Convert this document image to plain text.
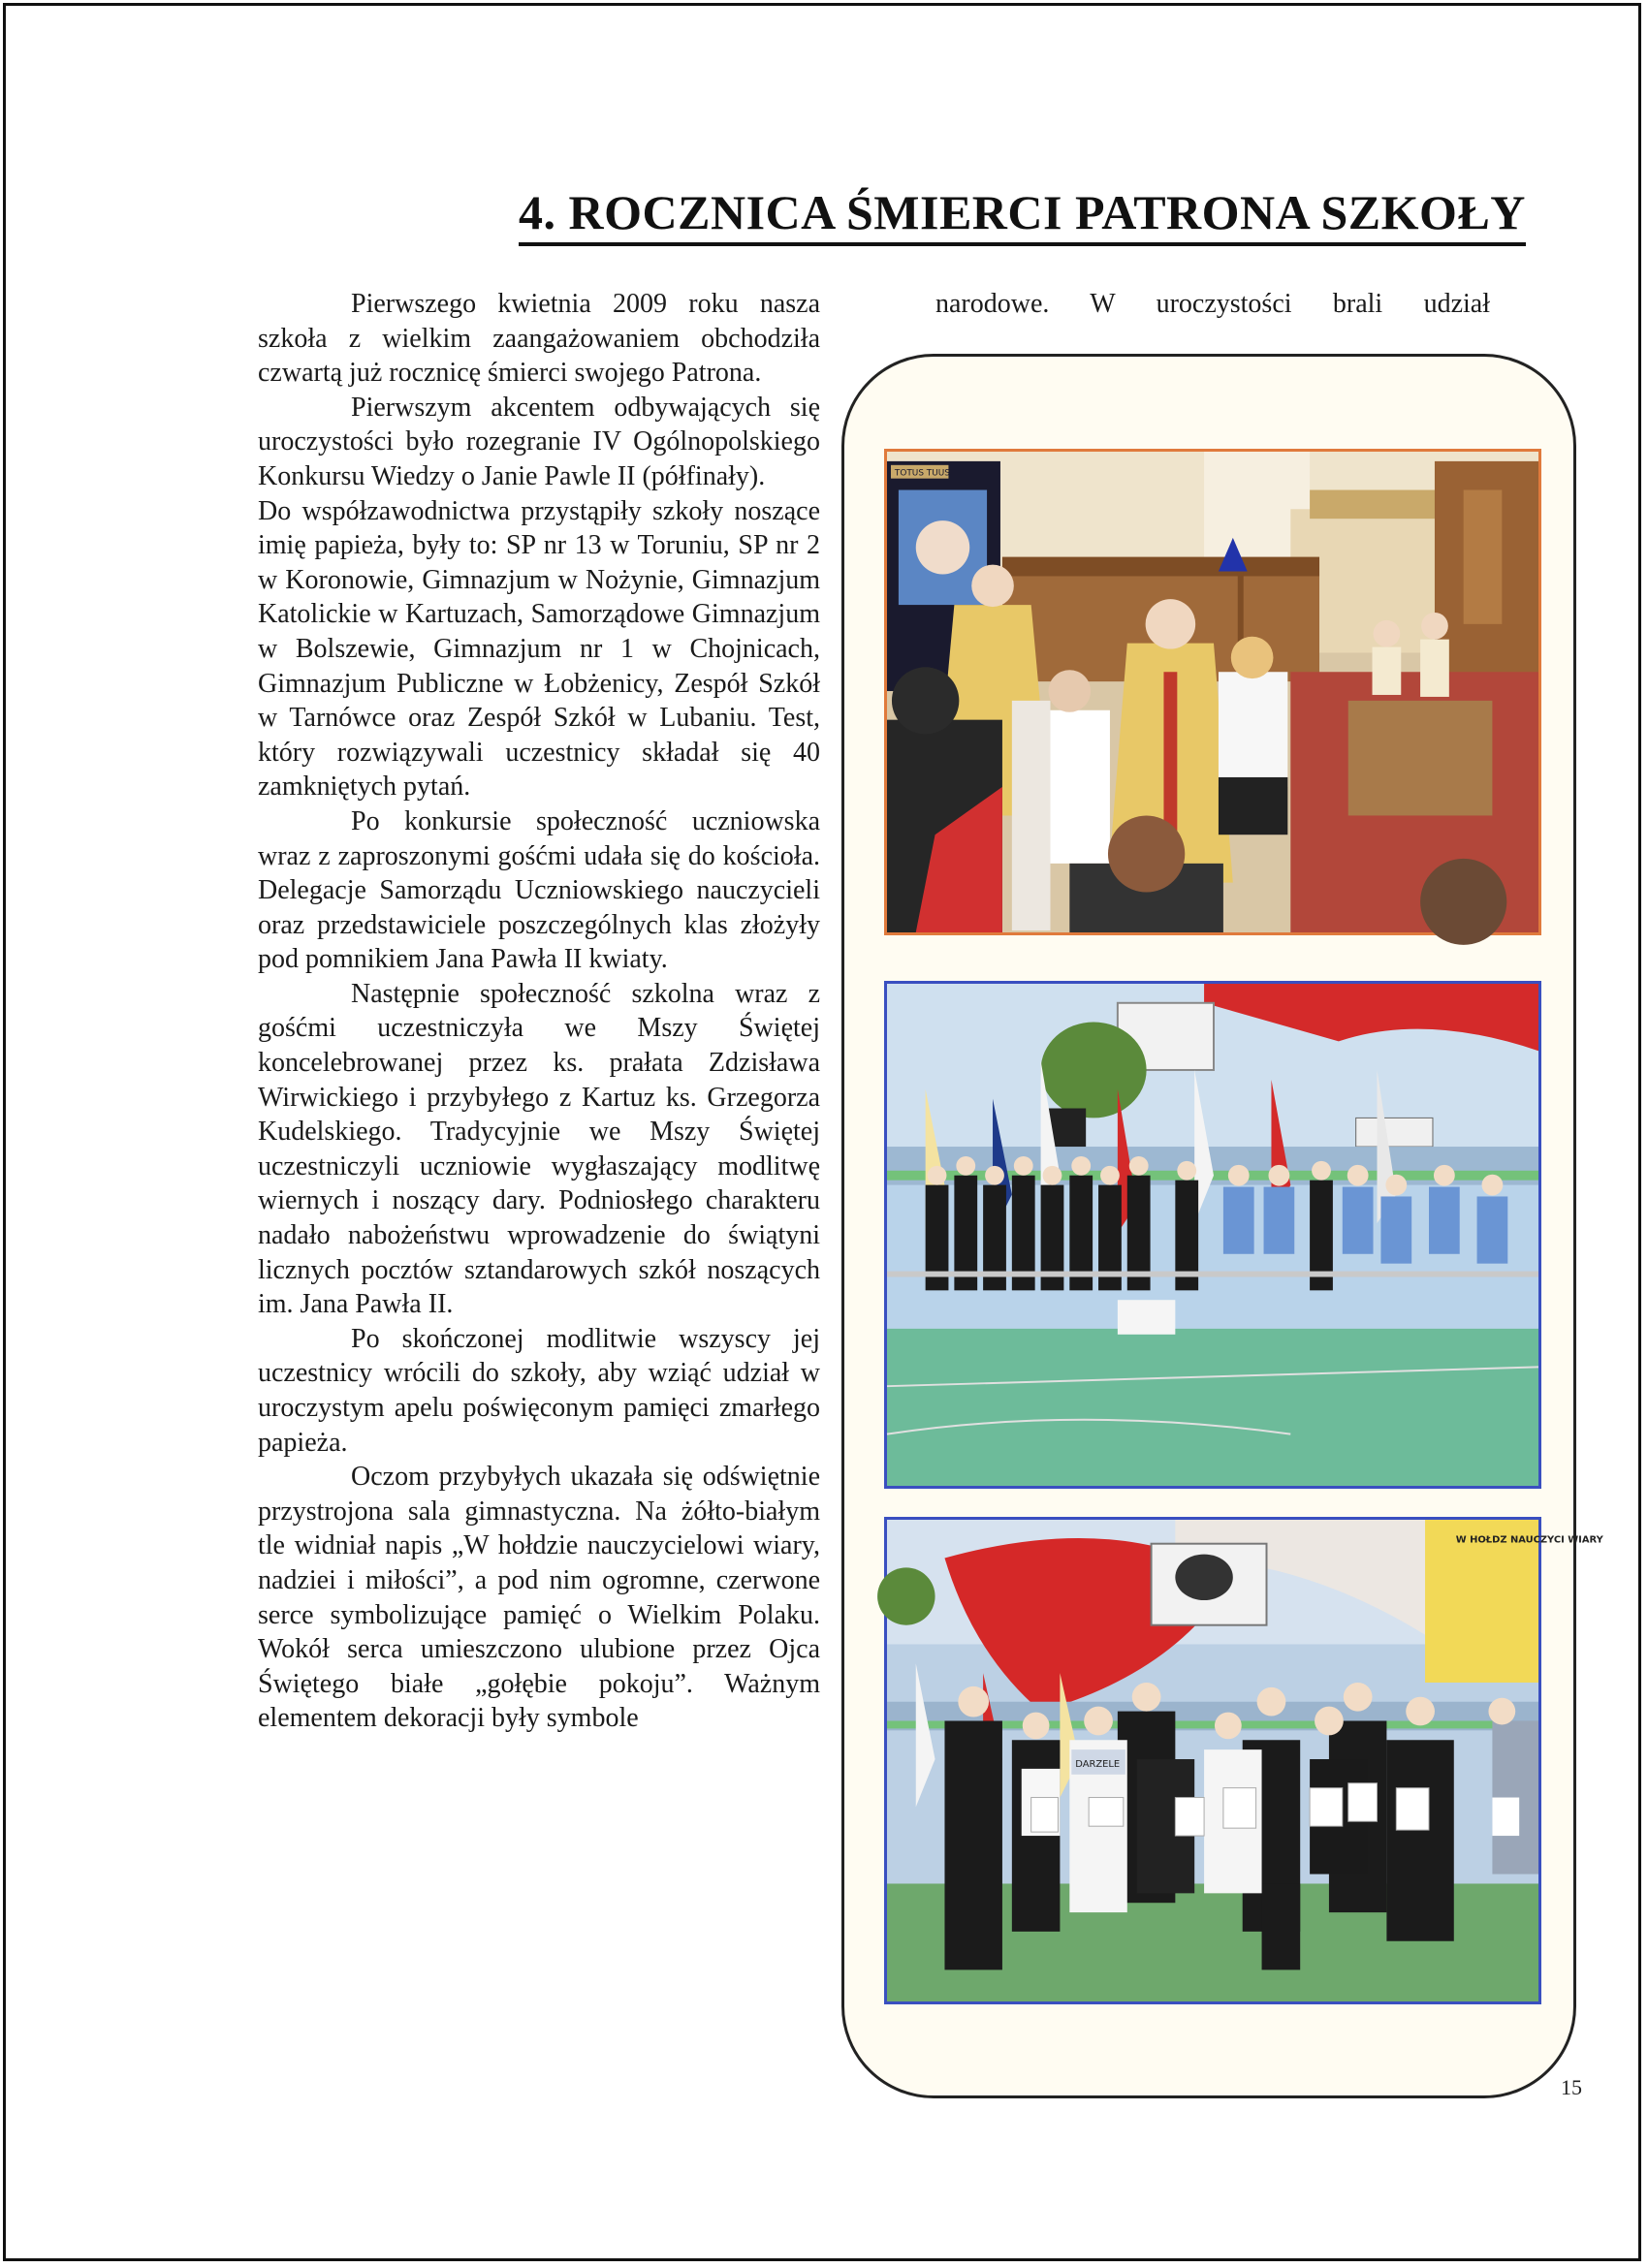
4. ROCZNICA ŚMIERCI PATRONA SZKOŁY

Pierwszego kwietnia 2009 roku nasza szkoła z wielkim zaangażowaniem obchodziła czwartą już rocznicę śmierci swojego Patrona.

Pierwszym akcentem odbywających się uroczystości było rozegranie IV Ogólnopolskiego Konkursu Wiedzy o Janie Pawle II (półfinały).

Do współzawodnictwa przystąpiły szkoły noszące imię papieża, były to: SP nr 13 w Toruniu, SP nr 2 w Koronowie, Gimnazjum w Nożynie, Gimnazjum Katolickie w Kartuzach, Samorządowe Gimnazjum w Bolszewie, Gimnazjum nr 1 w Chojnicach, Gimnazjum Publiczne w Łobżenicy, Zespół Szkół w Tarnówce oraz Zespół Szkół w Lubaniu. Test, który rozwiązywali uczestnicy składał się 40 zamkniętych pytań.

Po konkursie społeczność uczniowska wraz z zaproszonymi gośćmi udała się do kościoła. Delegacje Samorządu Uczniowskiego nauczycieli oraz przedstawiciele poszczególnych klas złożyły pod pomnikiem Jana Pawła II kwiaty.

Następnie społeczność szkolna wraz z gośćmi uczestniczyła we Mszy Świętej koncelebrowanej przez ks. prałata Zdzisława Wirwickiego i przybyłego z Kartuz ks. Grzegorza Kudelskiego. Tradycyjnie we Mszy Świętej uczestniczyli uczniowie wygłaszający modlitwę wiernych i noszący dary. Podniosłego charakteru nadało nabożeństwu wprowadzenie do świątyni licznych pocztów sztandarowych szkół noszących im. Jana Pawła II.

Po skończonej modlitwie wszyscy jej uczestnicy wrócili do szkoły, aby wziąć udział w uroczystym apelu poświęconym pamięci zmarłego papieża.

Oczom przybyłych ukazała się odświętnie przystrojona sala gimnastyczna. Na żółto-białym tle widniał napis „W hołdzie nauczycielowi wiary, nadziei i miłości”, a pod nim ogromne, czerwone serce symbolizujące pamięć o Wielkim Polaku. Wokół serca umieszczono ulubione przez Ojca Świętego białe „gołębie pokoju”. Ważnym elementem dekoracji były symbole

narodowe. W uroczystości brali udział
TOTUS TUUS
W HOŁDZ NAUCZYCI WIARY
DARZELE
15
